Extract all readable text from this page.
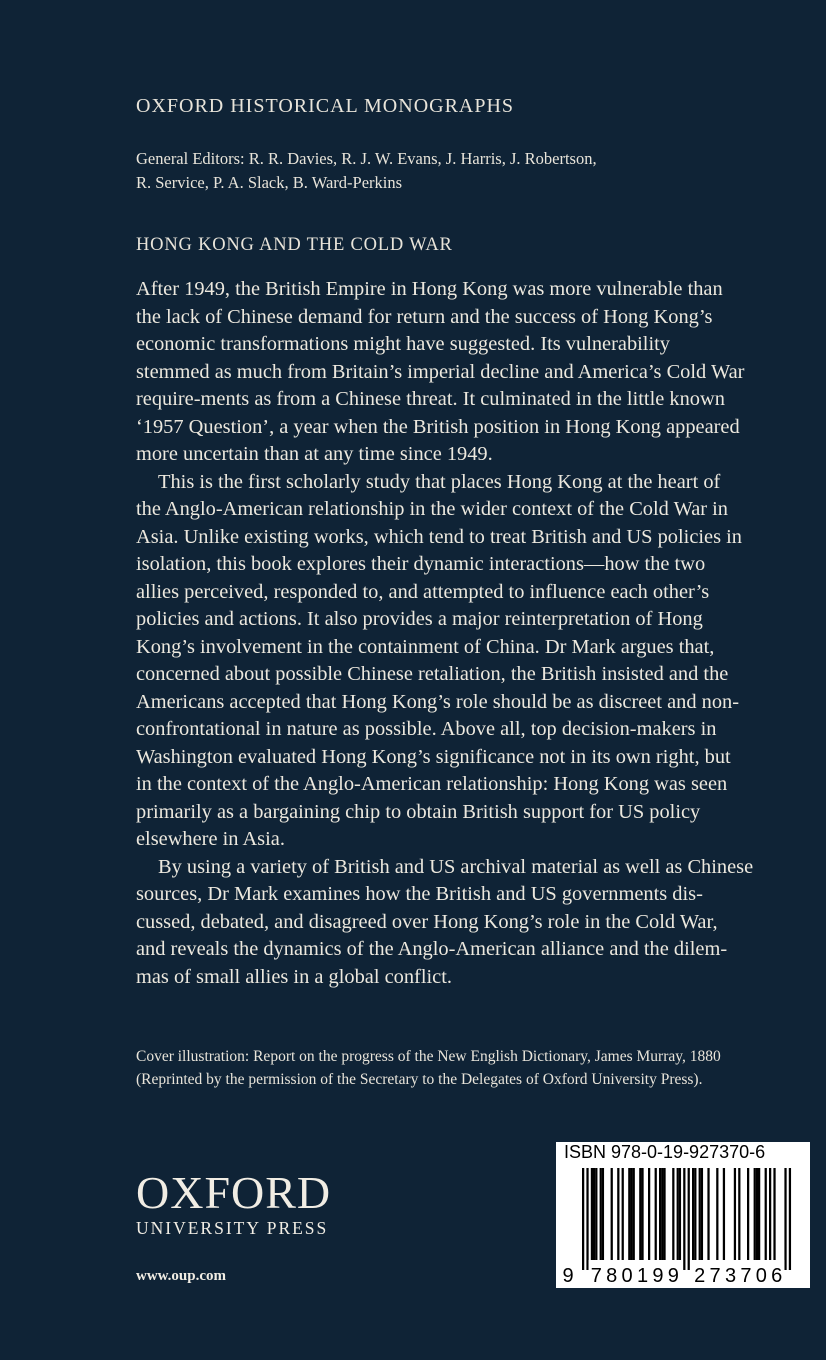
OXFORD HISTORICAL MONOGRAPHS
General Editors: R. R. Davies, R. J. W. Evans, J. Harris, J. Robertson,
R. Service, P. A. Slack, B. Ward-Perkins
HONG KONG AND THE COLD WAR

After 1949, the British Empire in Hong Kong was more vulnerable than
the lack of Chinese demand for return and the success of Hong Kong’s
economic transformations might have suggested. Its vulnerability
stemmed as much from Britain’s imperial decline and America’s Cold War
require-ments as from a Chinese threat. It culminated in the little known
‘1957 Question’, a year when the British position in Hong Kong appeared
more uncertain than at any time since 1949.

This is the first scholarly study that places Hong Kong at the heart of
the Anglo-American relationship in the wider context of the Cold War in
Asia. Unlike existing works, which tend to treat British and US policies in
isolation, this book explores their dynamic interactions—how the two
allies perceived, responded to, and attempted to influence each other’s
policies and actions. It also provides a major reinterpretation of Hong
Kong’s involvement in the containment of China. Dr Mark argues that,
concerned about possible Chinese retaliation, the British insisted and the
Americans accepted that Hong Kong’s role should be as discreet and non-
confrontational in nature as possible. Above all, top decision-makers in
Washington evaluated Hong Kong’s significance not in its own right, but
in the context of the Anglo-American relationship: Hong Kong was seen
primarily as a bargaining chip to obtain British support for US policy
elsewhere in Asia.

By using a variety of British and US archival material as well as Chinese
sources, Dr Mark examines how the British and US governments dis-
cussed, debated, and disagreed over Hong Kong’s role in the Cold War,
and reveals the dynamics of the Anglo-American alliance and the dilem-
mas of small allies in a global conflict.

Cover illustration: Report on the progress of the New English Dictionary, James Murray, 1880
(Reprinted by the permission of the Secretary to the Delegates of Oxford University Press).
OXFORD
UNIVERSITY PRESS
www.oup.com
ISBN 978-0-19-927370-6
9 7 8 0 1 9 9 2 7 3 7 0 6
